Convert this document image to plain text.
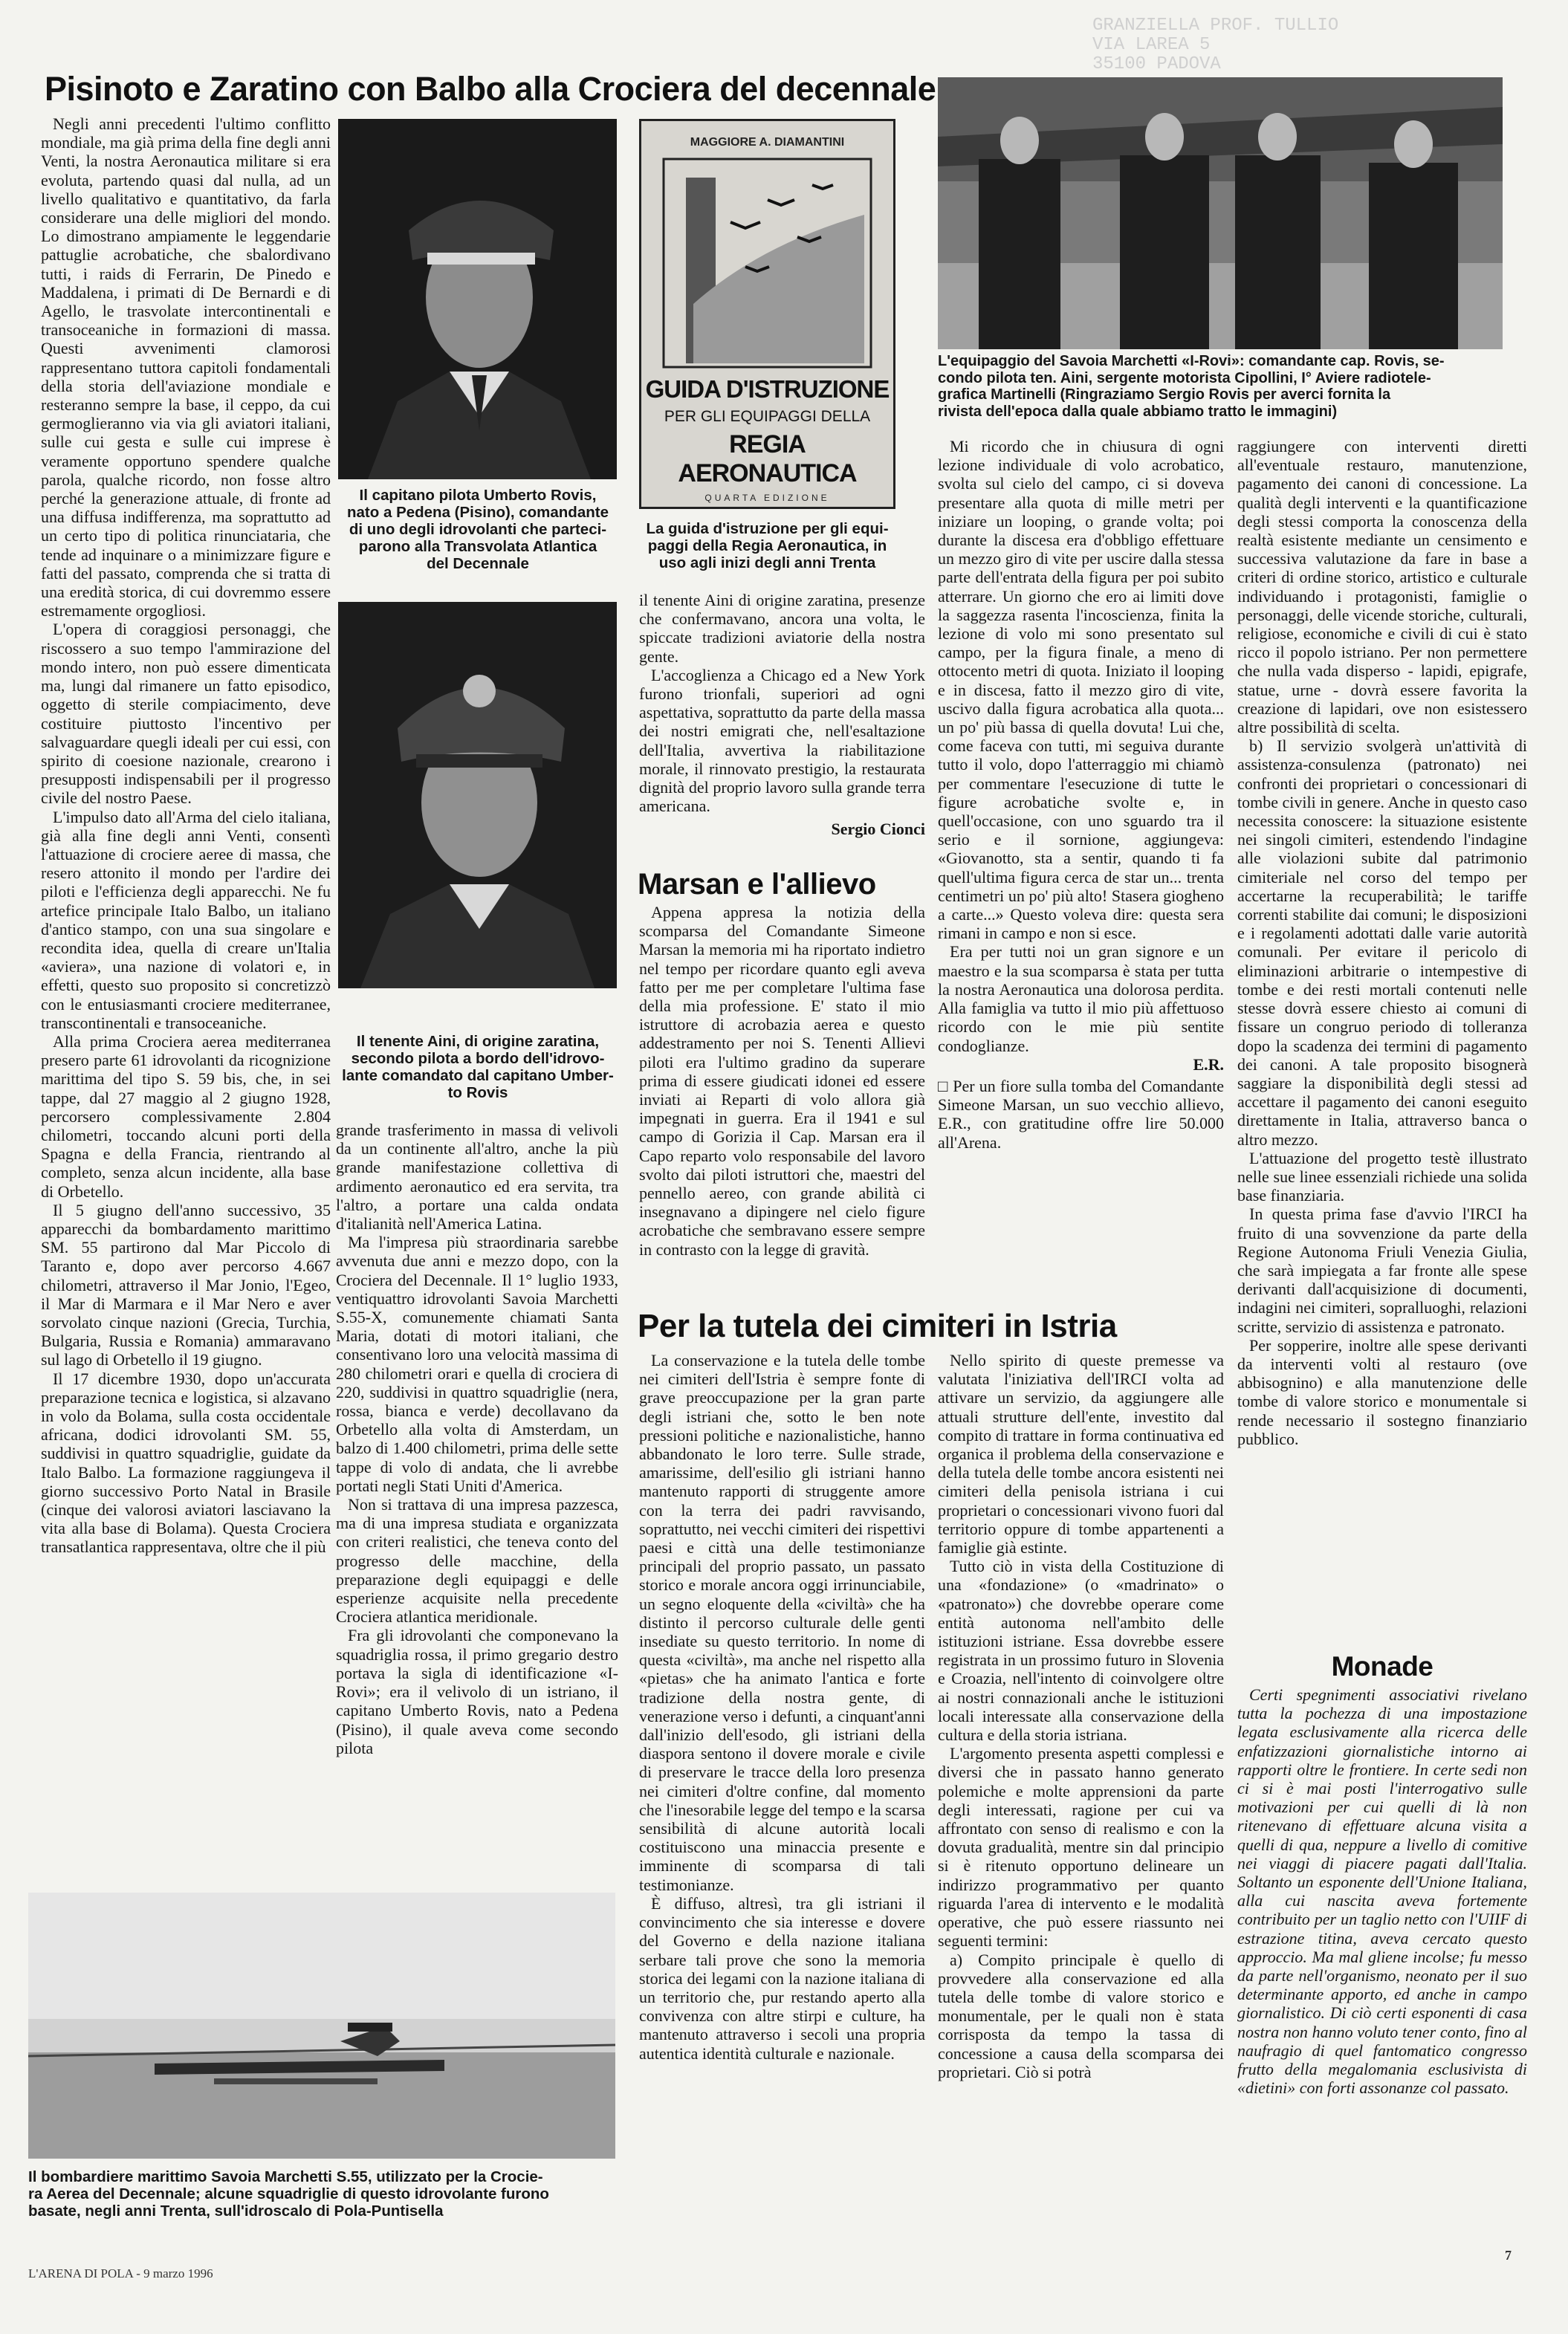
GRANZIELLA PROF. TULLIO
VIA LAREA 5
35100 PADOVA
Pisinoto e Zaratino con Balbo alla Crociera del decennale

Negli anni precedenti l'ultimo conflitto mondiale, ma già prima della fine degli anni Venti, la nostra Aeronautica militare si era evoluta, partendo quasi dal nulla, ad un livello qualitativo e quantitativo, da farla considerare una delle migliori del mondo. Lo dimostrano ampiamente le leggendarie pattuglie acrobatiche, che sbalordivano tutti, i raids di Ferrarin, De Pinedo e Maddalena, i primati di De Bernardi e di Agello, le trasvolate intercontinentali e transoceaniche in formazioni di massa. Questi avvenimenti clamorosi rappresentano tuttora capitoli fondamentali della storia dell'aviazione mondiale e resteranno sempre la base, il ceppo, da cui germoglieranno via via gli aviatori italiani, sulle cui gesta e sulle cui imprese è veramente opportuno spendere qualche parola, qualche ricordo, non fosse altro perché la generazione attuale, di fronte ad una diffusa indifferenza, ma soprattutto ad un certo tipo di politica rinunciataria, che tende ad inquinare o a minimizzare figure e fatti del passato, comprenda che si tratta di una eredità storica, di cui dovremmo essere estremamente orgogliosi.

L'opera di coraggiosi personaggi, che riscossero a suo tempo l'ammirazione del mondo intero, non può essere dimenticata ma, lungi dal rimanere un fatto episodico, oggetto di sterile compiacimento, deve costituire piuttosto l'incentivo per salvaguardare quegli ideali per cui essi, con spirito di coesione nazionale, crearono i presupposti indispensabili per il progresso civile del nostro Paese.

L'impulso dato all'Arma del cielo italiana, già alla fine degli anni Venti, consentì l'attuazione di crociere aeree di massa, che resero attonito il mondo per l'ardire dei piloti e l'efficienza degli apparecchi. Ne fu artefice principale Italo Balbo, un italiano d'antico stampo, con una sua singolare e recondita idea, quella di creare un'Italia «aviera», una nazione di volatori e, in effetti, questo suo proposito si concretizzò con le entusiasmanti crociere mediterranee, transcontinentali e transoceaniche.

Alla prima Crociera aerea mediterranea presero parte 61 idrovolanti da ricognizione marittima del tipo S. 59 bis, che, in sei tappe, dal 27 maggio al 2 giugno 1928, percorsero complessivamente 2.804 chilometri, toccando alcuni porti della Spagna e della Francia, rientrando al completo, senza alcun incidente, alla base di Orbetello.

Il 5 giugno dell'anno successivo, 35 apparecchi da bombardamento marittimo SM. 55 partirono dal Mar Piccolo di Taranto e, dopo aver percorso 4.667 chilometri, attraverso il Mar Jonio, l'Egeo, il Mar di Marmara e il Mar Nero e aver sorvolato cinque nazioni (Grecia, Turchia, Bulgaria, Russia e Romania) ammaravano sul lago di Orbetello il 19 giugno.

Il 17 dicembre 1930, dopo un'accurata preparazione tecnica e logistica, si alzavano in volo da Bolama, sulla costa occidentale africana, dodici idrovolanti SM. 55, suddivisi in quattro squadriglie, guidate da Italo Balbo. La formazione raggiungeva il giorno successivo Porto Natal in Brasile (cinque dei valorosi aviatori lasciavano la vita alla base di Bolama). Questa Crociera transatlantica rappresentava, oltre che il più

Il capitano pilota Umberto Rovis,
nato a Pedena (Pisino), comandante
di uno degli idrovolanti che parteci-
parono alla Transvolata Atlantica
del Decennale
Il tenente Aini, di origine zaratina,
secondo pilota a bordo dell'idrovo-
lante comandato dal capitano Umber-
to Rovis

grande trasferimento in massa di velivoli da un continente all'altro, anche la più grande manifestazione collettiva di ardimento aeronautico ed era servita, tra l'altro, a portare una calda ondata d'italianità nell'America Latina.

Ma l'impresa più straordinaria sarebbe avvenuta due anni e mezzo dopo, con la Crociera del Decennale. Il 1° luglio 1933, ventiquattro idrovolanti Savoia Marchetti S.55-X, comunemente chiamati Santa Maria, dotati di motori italiani, che consentivano loro una velocità massima di 280 chilometri orari e quella di crociera di 220, suddivisi in quattro squadriglie (nera, rossa, bianca e verde) decollavano da Orbetello alla volta di Amsterdam, un balzo di 1.400 chilometri, prima delle sette tappe di volo di andata, che li avrebbe portati negli Stati Uniti d'America.

Non si trattava di una impresa pazzesca, ma di una impresa studiata e organizzata con criteri realistici, che teneva conto del progresso delle macchine, della preparazione degli equipaggi e delle esperienze acquisite nella precedente Crociera atlantica meridionale.

Fra gli idrovolanti che componevano la squadriglia rossa, il primo gregario destro portava la sigla di identificazione «I-Rovi»; era il velivolo di un istriano, il capitano Umberto Rovis, nato a Pedena (Pisino), il quale aveva come secondo pilota

MAGGIORE A. DIAMANTINI
GUIDA D'ISTRUZIONE
PER GLI EQUIPAGGI DELLA
REGIA AERONAUTICA
QUARTA EDIZIONE
La guida d'istruzione per gli equi-
paggi della Regia Aeronautica, in
uso agli inizi degli anni Trenta

il tenente Aini di origine zaratina, presenze che confermavano, ancora una volta, le spiccate tradizioni aviatorie della nostra gente.

L'accoglienza a Chicago ed a New York furono trionfali, superiori ad ogni aspettativa, soprattutto da parte della massa dei nostri emigrati che, nell'esaltazione dell'Italia, avvertiva la riabilitazione morale, il rinnovato prestigio, la restaurata dignità del proprio lavoro sulla grande terra americana.

Sergio Cionci
L'equipaggio del Savoia Marchetti «I-Rovi»: comandante cap. Rovis, se-
condo pilota ten. Aini, sergente motorista Cipollini, I° Aviere radiotele-
grafica Martinelli (Ringraziamo Sergio Rovis per averci fornita la
rivista dell'epoca dalla quale abbiamo tratto le immagini)
Marsan e l'allievo

Appena appresa la notizia della scomparsa del Comandante Simeone Marsan la memoria mi ha riportato indietro nel tempo per ricordare quanto egli aveva fatto per me per completare l'ultima fase della mia professione. E' stato il mio istruttore di acrobazia aerea e questo addestramento per noi S. Tenenti Allievi piloti era l'ultimo gradino da superare prima di essere giudicati idonei ed essere inviati ai Reparti di volo allora già impegnati in guerra. Era il 1941 e sul campo di Gorizia il Cap. Marsan era il Capo reparto volo responsabile del lavoro svolto dai piloti istruttori che, maestri del pennello aereo, con grande abilità ci insegnavano a dipingere nel cielo figure acrobatiche che sembravano essere sempre in contrasto con la legge di gravità.

Mi ricordo che in chiusura di ogni lezione individuale di volo acrobatico, svolta sul cielo del campo, ci si doveva presentare alla quota di mille metri per iniziare un looping, o grande volta; poi durante la discesa era d'obbligo effettuare un mezzo giro di vite per uscire dalla stessa parte dell'entrata della figura per poi subito atterrare. Un giorno che ero ai limiti dove la saggezza rasenta l'incoscienza, finita la lezione di volo mi sono presentato sul campo, per la figura finale, a meno di ottocento metri di quota. Iniziato il looping e in discesa, fatto il mezzo giro di vite, uscivo dalla figura acrobatica alla quota... un po' più bassa di quella dovuta! Lui che, come faceva con tutti, mi seguiva durante tutto il volo, dopo l'atterraggio mi chiamò per commentare l'esecuzione di tutte le figure acrobatiche svolte e, in quell'occasione, con uno sguardo tra il serio e il sornione, aggiungeva: «Giovanotto, sta a sentir, quando ti fa quell'ultima figura cerca de star un... trenta centimetri un po' più alto! Stasera giogheno a carte...» Questo voleva dire: questa sera rimani in campo e non si esce.

Era per tutti noi un gran signore e un maestro e la sua scomparsa è stata per tutta la nostra Aeronautica una dolorosa perdita. Alla famiglia va tutto il mio più affettuoso ricordo con le mie più sentite condoglianze.

E.R.

□ Per un fiore sulla tomba del Comandante Simeone Marsan, un suo vecchio allievo, E.R., con gratitudine offre lire 50.000 all'Arena.

Per la tutela dei cimiteri in Istria

La conservazione e la tutela delle tombe nei cimiteri dell'Istria è sempre fonte di grave preoccupazione per la gran parte degli istriani che, sotto le ben note pressioni politiche e nazionalistiche, hanno abbandonato le loro terre. Sulle strade, amarissime, dell'esilio gli istriani hanno mantenuto rapporti di struggente amore con la terra dei padri ravvisando, soprattutto, nei vecchi cimiteri dei rispettivi paesi e città una delle testimonianze principali del proprio passato, un passato storico e morale ancora oggi irrinunciabile, un segno eloquente della «civiltà» che ha distinto il percorso culturale delle genti insediate su questo territorio. In nome di questa «civiltà», ma anche nel rispetto alla «pietas» che ha animato l'antica e forte tradizione della nostra gente, di venerazione verso i defunti, a cinquant'anni dall'inizio dell'esodo, gli istriani della diaspora sentono il dovere morale e civile di preservare le tracce della loro presenza nei cimiteri d'oltre confine, dal momento che l'inesorabile legge del tempo e la scarsa sensibilità di alcune autorità locali costituiscono una minaccia presente e imminente di scomparsa di tali testimonianze.

È diffuso, altresì, tra gli istriani il convincimento che sia interesse e dovere del Governo e della nazione italiana serbare tali prove che sono la memoria storica dei legami con la nazione italiana di un territorio che, pur restando aperto alla convivenza con altre stirpi e culture, ha mantenuto attraverso i secoli una propria autentica identità culturale e nazionale.

Nello spirito di queste premesse va valutata l'iniziativa dell'IRCI volta ad attivare un servizio, da aggiungere alle attuali strutture dell'ente, investito dal compito di trattare in forma continuativa ed organica il problema della conservazione e della tutela delle tombe ancora esistenti nei cimiteri della penisola istriana i cui proprietari o concessionari vivono fuori dal territorio oppure di tombe appartenenti a famiglie già estinte.

Tutto ciò in vista della Costituzione di una «fondazione» (o «madrinato» o «patronato») che dovrebbe operare come entità autonoma nell'ambito delle istituzioni istriane. Essa dovrebbe essere registrata in un prossimo futuro in Slovenia e Croazia, nell'intento di coinvolgere oltre ai nostri connazionali anche le istituzioni locali interessate alla conservazione della cultura e della storia istriana.

L'argomento presenta aspetti complessi e diversi che in passato hanno generato polemiche e molte apprensioni da parte degli interessati, ragione per cui va affrontato con senso di realismo e con la dovuta gradualità, mentre sin dal principio si è ritenuto opportuno delineare un indirizzo programmativo per quanto riguarda l'area di intervento e le modalità operative, che può essere riassunto nei seguenti termini:

a) Compito principale è quello di provvedere alla conservazione ed alla tutela delle tombe di valore storico e monumentale, per le quali non è stata corrisposta da tempo la tassa di concessione a causa della scomparsa dei proprietari. Ciò si potrà

raggiungere con interventi diretti all'eventuale restauro, manutenzione, pagamento dei canoni di concessione. La qualità degli interventi e la quantificazione degli stessi comporta la conoscenza della realtà esistente mediante un censimento e successiva valutazione da fare in base a criteri di ordine storico, artistico e culturale individuando i protagonisti, famiglie o personaggi, delle vicende storiche, culturali, religiose, economiche e civili di cui è stato ricco il popolo istriano. Per non permettere che nulla vada disperso - lapidi, epigrafe, statue, urne - dovrà essere favorita la creazione di lapidari, ove non esistessero altre possibilità di scelta.

b) Il servizio svolgerà un'attività di assistenza-consulenza (patronato) nei confronti dei proprietari o concessionari di tombe civili in genere. Anche in questo caso necessita conoscere: la situazione esistente nei singoli cimiteri, estendendo l'indagine alle violazioni subite dal patrimonio cimiteriale nel corso del tempo per accertarne la recuperabilità; le tariffe correnti stabilite dai comuni; le disposizioni e i regolamenti adottati dalle varie autorità comunali. Per evitare il pericolo di eliminazioni arbitrarie o intempestive di tombe e dei resti mortali contenuti nelle stesse dovrà essere chiesto ai comuni di fissare un congruo periodo di tolleranza dopo la scadenza dei termini di pagamento dei canoni. A tale proposito bisognerà saggiare la disponibilità degli stessi ad accettare il pagamento dei canoni eseguito direttamente in Italia, attraverso banca o altro mezzo.

L'attuazione del progetto testè illustrato nelle sue linee essenziali richiede una solida base finanziaria.

In questa prima fase d'avvio l'IRCI ha fruito di una sovvenzione da parte della Regione Autonoma Friuli Venezia Giulia, che sarà impiegata a far fronte alle spese derivanti dall'acquisizione di documenti, indagini nei cimiteri, sopralluoghi, relazioni scritte, servizio di assistenza e patronato.

Per sopperire, inoltre alle spese derivanti da interventi volti al restauro (ove abbisognino) e alla manutenzione delle tombe di valore storico e monumentale si rende necessario il sostegno finanziario pubblico.

Monade

Certi spegnimenti associativi rivelano tutta la pochezza di una impostazione legata esclusivamente alla ricerca delle enfatizzazioni giornalistiche intorno ai rapporti oltre le frontiere. In certe sedi non ci si è mai posti l'interrogativo sulle motivazioni per cui quelli di là non ritenevano di effettuare alcuna visita a quelli di qua, neppure a livello di comitive nei viaggi di piacere pagati dall'Italia. Soltanto un esponente dell'Unione Italiana, alla cui nascita aveva fortemente contribuito per un taglio netto con l'UIIF di estrazione titina, aveva cercato questo approccio. Ma mal gliene incolse; fu messo da parte nell'organismo, neonato per il suo determinante apporto, ed anche in campo giornalistico. Di ciò certi esponenti di casa nostra non hanno voluto tener conto, fino al naufragio di quel fantomatico congresso frutto della megalomania esclusivista di «dietini» con forti assonanze col passato.

Il bombardiere marittimo Savoia Marchetti S.55, utilizzato per la Crocie-
ra Aerea del Decennale; alcune squadriglie di questo idrovolante furono
basate, negli anni Trenta, sull'idroscalo di Pola-Puntisella
L'ARENA DI POLA - 9 marzo 1996
7
